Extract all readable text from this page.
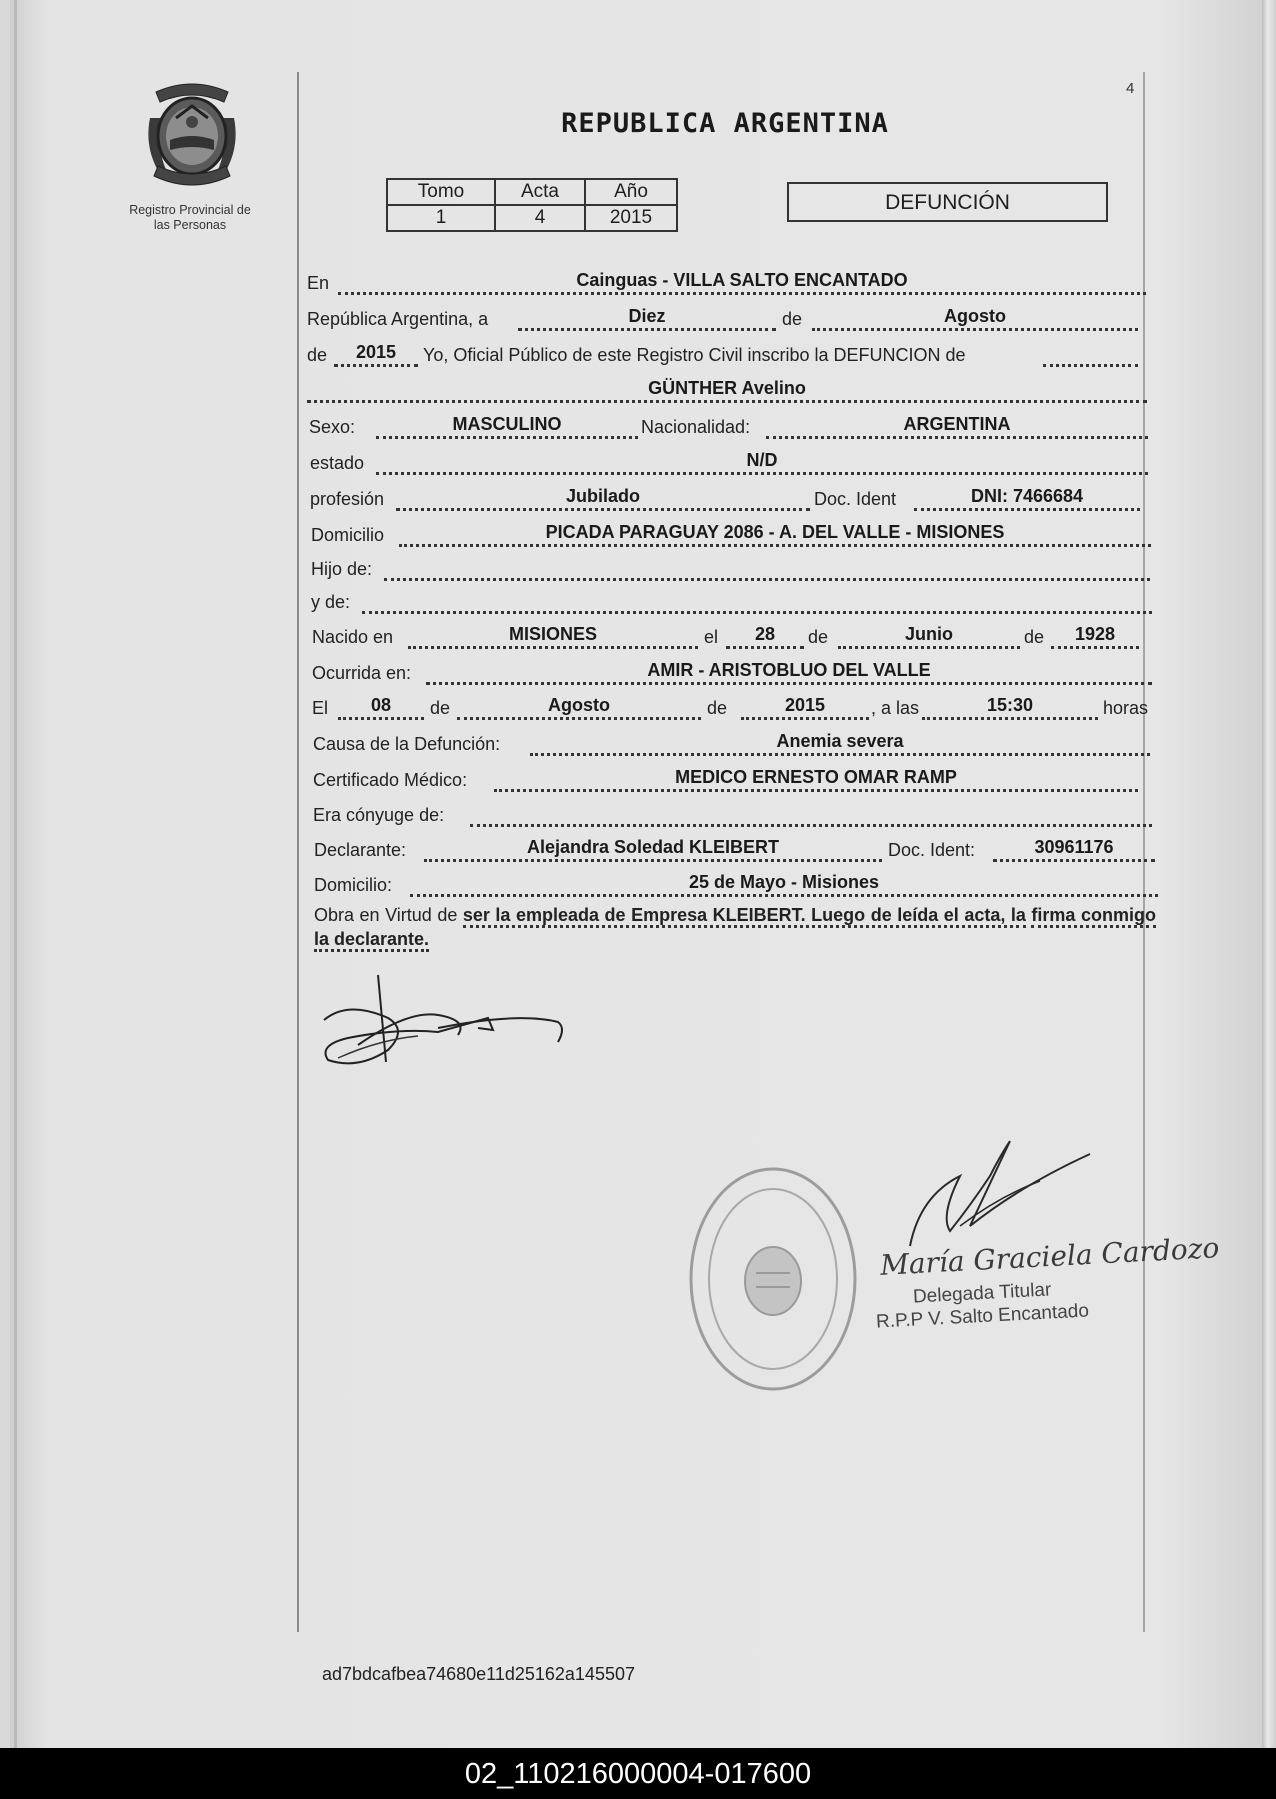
Registro Provincial de
las Personas
4
REPUBLICA ARGENTINA
Tomo	Acta	Año
1	4	2015
DEFUNCIÓN
En	Cainguas - VILLA SALTO ENCANTADO
República Argentina, a	Diez	de	Agosto
de	2015	Yo, Oficial Público de este Registro Civil inscribo la DEFUNCION de
GÜNTHER Avelino
Sexo:	MASCULINO	Nacionalidad:	ARGENTINA
estado	N/D
profesión	Jubilado	Doc. Ident	DNI: 7466684
Domicilio	PICADA PARAGUAY 2086 - A. DEL VALLE - MISIONES
Hijo de:
y de:
Nacido en	MISIONES	el	28	de	Junio	de	1928
Ocurrida en:	AMIR - ARISTOBLUO DEL VALLE
El	08	de	Agosto	de	2015	, a las	15:30	horas
Causa de la Defunción:	Anemia severa
Certificado Médico:	MEDICO ERNESTO OMAR RAMP
Era cónyuge de:
Declarante:	Alejandra Soledad KLEIBERT	Doc. Ident:	30961176
Domicilio:	25 de Mayo - Misiones
Obra en Virtud de ser la empleada de Empresa KLEIBERT. Luego de leída el acta, la firma conmigo la declarante.
María Graciela Cardozo
Delegada Titular
R.P.P V. Salto Encantado
ad7bdcafbea74680e11d25162a145507
02_110216000004-017600
